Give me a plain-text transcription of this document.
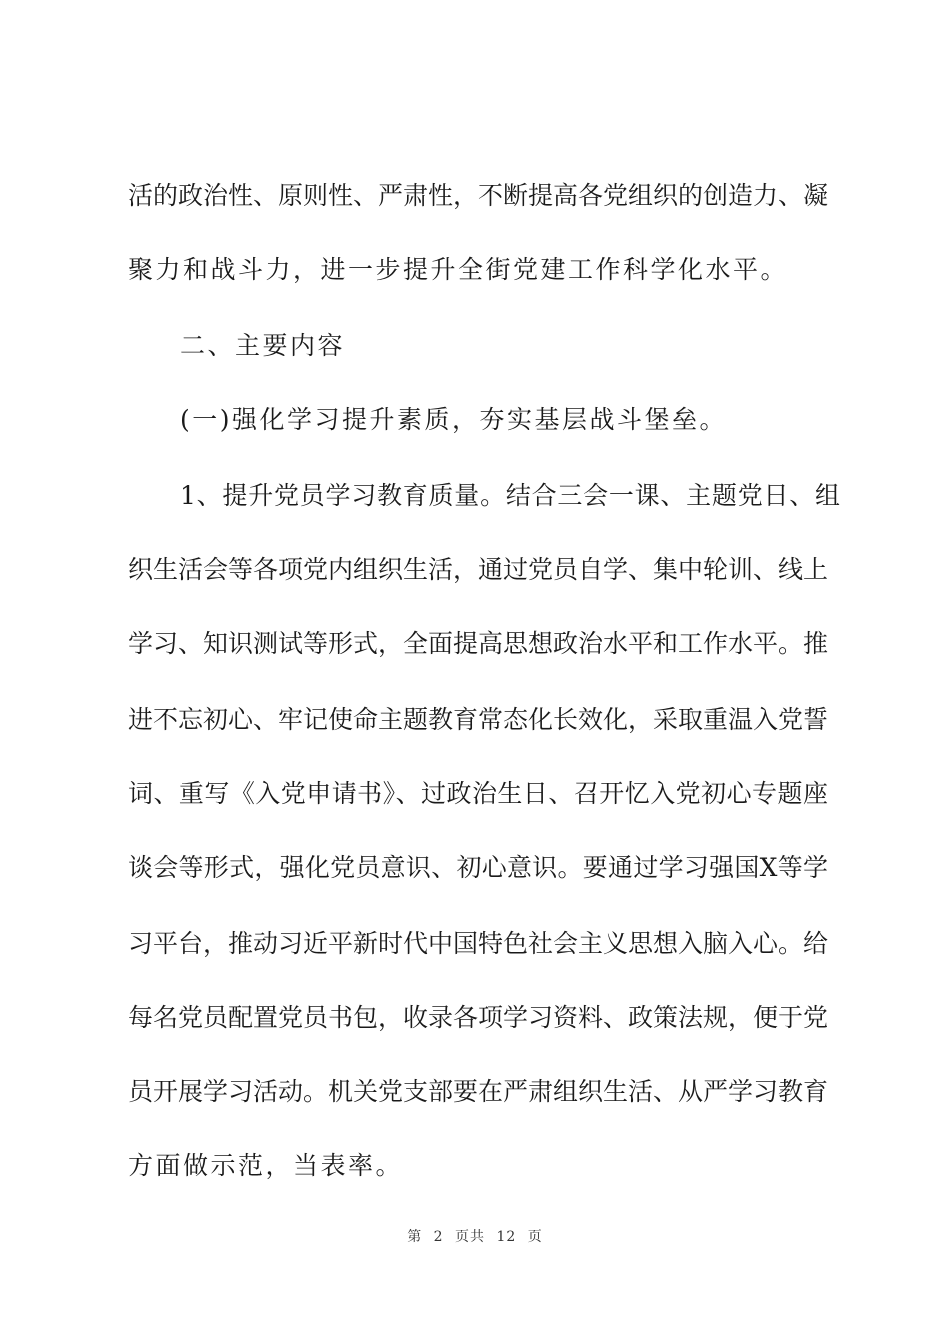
活的政治性、原则性、严肃性，不断提高各党组织的创造力、凝
聚力和战斗力，进一步提升全街党建工作科学化水平。
二、主要内容
(一)强化学习提升素质，夯实基层战斗堡垒。
1、提升党员学习教育质量。结合三会一课、主题党日、组
织生活会等各项党内组织生活，通过党员自学、集中轮训、线上
学习、知识测试等形式，全面提高思想政治水平和工作水平。推
进不忘初心、牢记使命主题教育常态化长效化，采取重温入党誓
词、重写《入党申请书》、过政治生日、召开忆入党初心专题座
谈会等形式，强化党员意识、初心意识。要通过学习强国X等学
习平台，推动习近平新时代中国特色社会主义思想入脑入心。给
每名党员配置党员书包，收录各项学习资料、政策法规，便于党
员开展学习活动。机关党支部要在严肃组织生活、从严学习教育
方面做示范，当表率。
第 2 页共 12 页
